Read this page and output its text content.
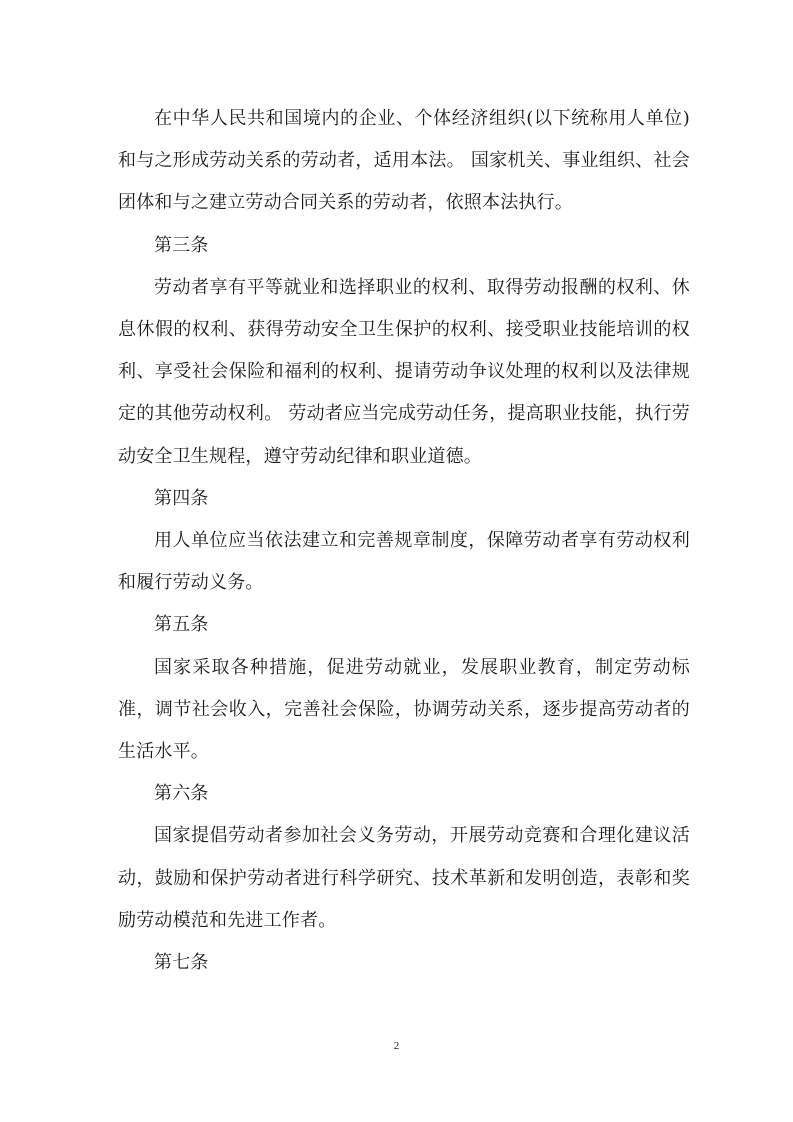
在中华人民共和国境内的企业、个体经济组织(以下统称用人单位)和与之形成劳动关系的劳动者，适用本法。 国家机关、事业组织、社会团体和与之建立劳动合同关系的劳动者，依照本法执行。

第三条

劳动者享有平等就业和选择职业的权利、取得劳动报酬的权利、休息休假的权利、获得劳动安全卫生保护的权利、接受职业技能培训的权利、享受社会保险和福利的权利、提请劳动争议处理的权利以及法律规定的其他劳动权利。 劳动者应当完成劳动任务，提高职业技能，执行劳动安全卫生规程，遵守劳动纪律和职业道德。

第四条

用人单位应当依法建立和完善规章制度，保障劳动者享有劳动权利和履行劳动义务。

第五条

国家采取各种措施，促进劳动就业，发展职业教育，制定劳动标准，调节社会收入，完善社会保险，协调劳动关系，逐步提高劳动者的生活水平。

第六条

国家提倡劳动者参加社会义务劳动，开展劳动竞赛和合理化建议活动，鼓励和保护劳动者进行科学研究、技术革新和发明创造，表彰和奖励劳动模范和先进工作者。

第七条

2
